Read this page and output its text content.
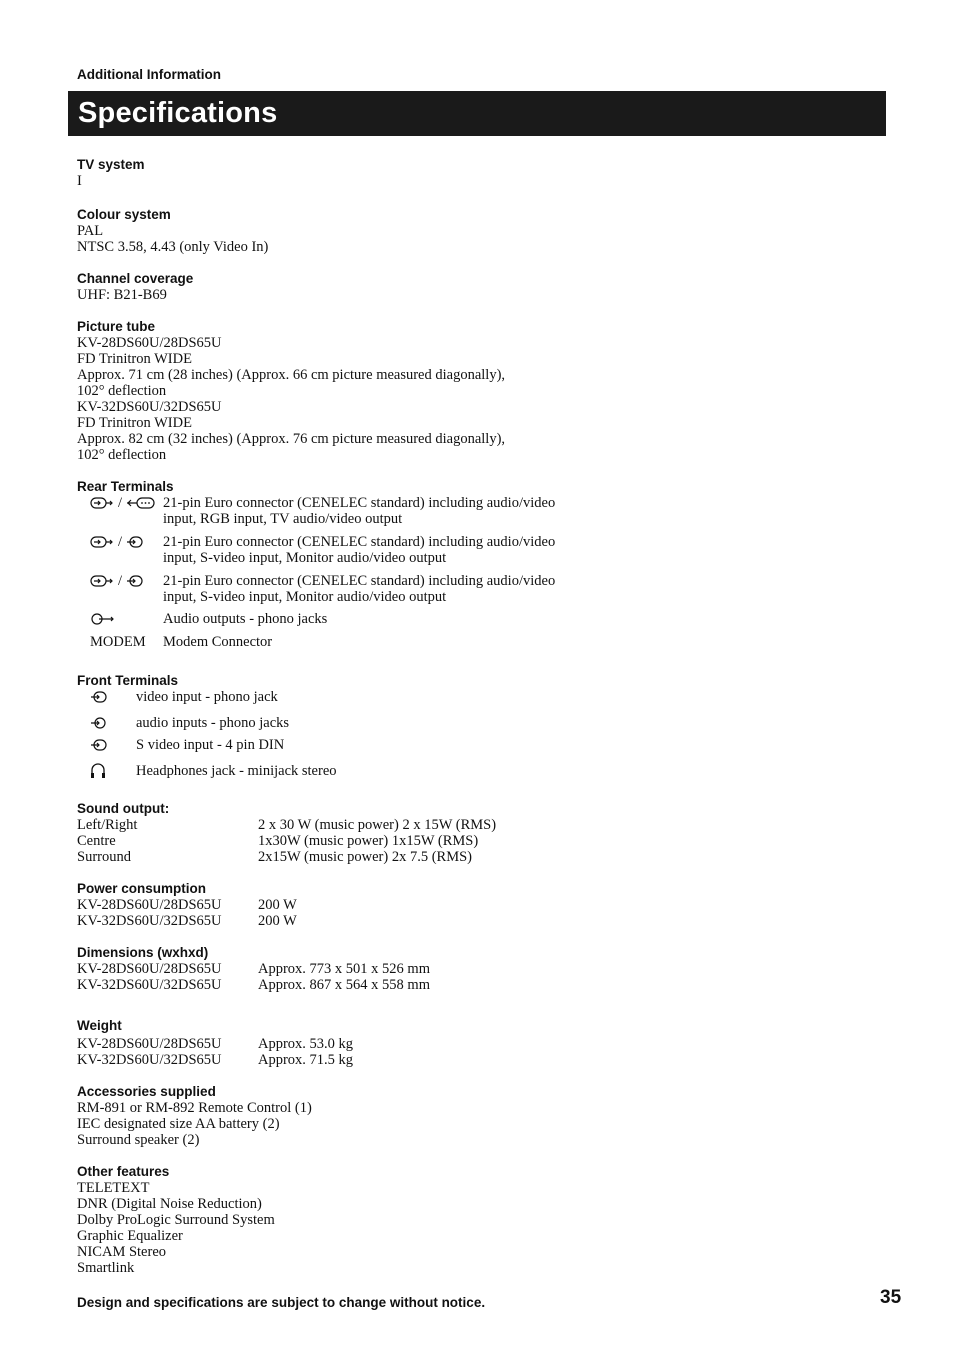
Additional Information
Specifications
TV system
I
Colour system
PAL
NTSC 3.58, 4.43 (only Video In)
Channel coverage
UHF: B21-B69
Picture tube
KV-28DS60U/28DS65U
FD Trinitron WIDE
Approx. 71 cm (28 inches) (Approx. 66 cm picture measured diagonally),
102° deflection
KV-32DS60U/32DS65U
FD Trinitron WIDE
Approx. 82 cm (32 inches) (Approx. 76 cm picture measured diagonally),
102° deflection
Rear Terminals
/	21-pin Euro connector (CENELEC standard) including audio/video
input, RGB input, TV audio/video output
/	21-pin Euro connector (CENELEC standard) including audio/video
input, S-video input, Monitor audio/video output
/	21-pin Euro connector (CENELEC standard) including audio/video
input, S-video input, Monitor audio/video output
Audio outputs - phono jacks
MODEM	Modem Connector
Front Terminals
video input - phono jack
audio inputs - phono jacks
S video input - 4 pin DIN
Headphones jack - minijack stereo
Sound output:
Left/Right	2 x 30 W (music power) 2 x 15W (RMS)
Centre	1x30W (music power) 1x15W (RMS)
Surround	2x15W (music power) 2x 7.5 (RMS)
Power consumption
KV-28DS60U/28DS65U	200 W
KV-32DS60U/32DS65U	200 W
Dimensions (wxhxd)
KV-28DS60U/28DS65U	Approx. 773 x 501 x 526 mm
KV-32DS60U/32DS65U	Approx. 867 x 564 x 558 mm
Weight
KV-28DS60U/28DS65U	Approx. 53.0 kg
KV-32DS60U/32DS65U	Approx. 71.5 kg
Accessories supplied
RM-891 or RM-892 Remote Control (1)
IEC designated size AA battery (2)
Surround speaker (2)
Other features
TELETEXT
DNR (Digital Noise Reduction)
Dolby ProLogic Surround System
Graphic Equalizer
NICAM Stereo
Smartlink
Design and specifications are subject to change without notice.	35
